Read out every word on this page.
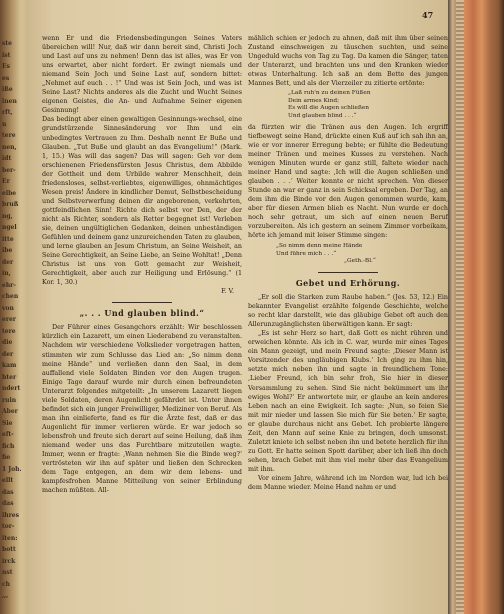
ste
ist
Es
es
iße
inen
rft,
n
tere
nen,
idt
ber-
Er
elbe
bruß
ng,
ngel
itte
ibe
der
in,
ehr-
chen
von
erer
tere
die
der
kam
hter
ndert
ruin
Aber
Sie
eft-
fich
fie
1 Joh.
ellt
das
das
ihres
tor-
iten:
bott
irck
nst
ch
,,,
47

wenn Er und die Friedensbedingungen Seines Vaters übereichen will! Nur, daß wir dann bereit sind, Christi Joch und Last auf uns zu nehmen! Denn das ist alles, was Er von uns erwartet, aber nicht fordert. Er zwingt niemals und niemand Sein Joch und Seine Last auf, sondern bittet: „Nehmet auf euch . . !“ Und was ist Sein Joch, und was ist Seine Last? Nichts anderes als die Zucht und Wucht Seines eigenen Geistes, die An- und Aufnahme Seiner eigenen Gesinnung!

Das bedingt aber einen gewaltigen Gesinnungs-wechsel, eine grundstürzende Sinnesänderung vor Ihm und ein unbedingtes Vertrauen zu Ihm. Deshalb nennt Er Buße und Glauben. „Tut Buße und glaubt an das Evangelium!“ (Mark. 1, 15.) Was will das sagen? Das will sagen: Geh vor dem erschienenen Friedensfürsten Jesus Christus, dem Abbilde der Gottheit und dem Urbilde wahrer Menschheit, dein friedensloses, selbst-verliebtes, eigenwilliges, ohnmächtiges Wesen preis! Ändere in kindlicher Demut, Selbstbescheidung und Selbstverwerfung deinen dir angeborenen, verkehrten, gottfeindlichen Sinn! Richte dich selbst vor Den, der der nicht als Richter, sondern als Retter begegnet ist! Verleben sie, deinen ungültiglichen Gedanken, deinen unbeständigen Gefühlen und deinem ganz unzureichenden Taten zu glauben, und lerne glauben an Jesum Christum, an Seine Weisheit, an Seine Gerechtigkeit, an Seine Liebe, an Seine Wohltat! „Denn Christus ist uns von Gott gemacht zur Weisheit, Gerechtigkeit, aber auch zur Heiligung und Erlösung.“ (1 Kor. 1, 30.)

F. V.

„. . . Und glauben blind.“

Der Führer eines Gesangchors erzählt: Wir beschlossen kürzlich ein Lazarett, um einen Liederabend zu veranstalten. Nachdem wir verschiedene Volkslieder vorgetragen hatten, stimmten wir zum Schlusse das Lied an: „So nimm denn meine Hände“ und verließen dann den Saal, in dem auffallend viele Soldaten Binden vor den Augen trugen. Einige Tage darauf wurde mir durch einen befreundeten Unterarzt folgendes mitgeteilt: „In unserem Lazarett liegen viele Soldaten, deren Augenlicht gefährdet ist. Unter ihnen befindet sich ein junger Freiwilliger, Mediziner von Beruf. Als man ihn einlieferte, fand es für die Ärzte fest, daß er das Augenlicht für immer verlieren würde. Er war jedoch so lebensfroh und freute sich derart auf seine Heilung, daß ihm niemand weder uns das Furchtbare mitzuteilen wagte. Immer, wenn er fragte: ‚Wann nehmen Sie die Binde weg?‘ vertrösteten wir ihn auf später und ließen den Schrecken dem Tage entgegen, an dem wir dem lebens- und kampfesfrohen Manne Mitteilung von seiner Erblindung machen müßten. All-

mählich schien er jedoch zu ahnen, daß mit ihm über seinen Zustand einschweigen zu täuschen suchten, und seine Ungeduld wuchs von Tag zu Tag. Da kamen die Sänger, taten der Unterarzt, und brachten uns und den Kranken wieder etwas Unterhaltung. Ich saß an dem Bette des jungen Mannes Bett, und als der Vierzeiler zu zitierte ertönte:

„Laß ruh'n zu deinen Füßen
Dein armes Kind;
Es will die Augen schließen
Und glauben blind . . .“

da fürzten wir die Tränen aus den Augen. Ich ergriff tiefbewegt seine Hand, drückte einen Kuß auf ich sah ihn an, wie er vor innerer Erregung bebte; er fühlte die Bedeutung meiner Tränen und meines Kusses zu verstehen. Nach wenigen Minuten wurde er ganz still, faltete wieder nach meiner Hand und sagte: ‚Ich will die Augen schließen und glauben . . .‘ Weiter konnte er nicht sprechen. Von dieser Stunde an war er ganz in sein Schicksal ergeben. Der Tag, an dem ihm die Binde vor den Augen genommen wurde, kam, aber für diesen Armen blieb es Nacht. Nun wurde er doch noch sehr getraut, um sich auf einen neuen Beruf vorzubereiten. Als ich gestern an seinem Zimmer vorbeikam, hörte ich jemand mit leiser Stimme singen:

„So nimm denn meine Hände
Und führe mich . . .“
„Geth.-Bl.“
Gebet und Erhörung.

„Er soll die Starken zum Raube haben.“ (Jes. 53, 12.) Ein bekannter Evangelist erzählte folgende Geschichte, welche so recht klar darstellt, wie das gläubige Gebet oft auch den Allerunzugänglichsten überwältigen kann. Er sagt:

„Es ist sehr Herz so hart, daß Gott es nicht rühren und erweichen könnte. Als ich in C. war, wurde mir eines Tages ein Mann gezeigt, und mein Freund sagte: ‚Dieser Mann ist Vorsitzender des ungläubigen Klubs.‘ Ich ging zu ihm hin, setzte mich neben ihn und sagte in freundlichem Tone: ‚Lieber Freund, ich bin sehr froh, Sie hier in dieser Versammlung zu sehen. Sind Sie nicht bekümmert um ihr ewiges Wohl?‘ Er antwortete mir, er glaube an kein anderes Leben nach an eine Ewigkeit. Ich sagte: ‚Nun, so feien Sie mit mir nieder und lassen Sie mich für Sie beten.‘ Er sagte, er glaube durchaus nicht ans Gebet. Ich probierte längere Zeit, den Mann auf seine Knie zu bringen, doch umsonst. Zuletzt kniete ich selbst neben ihn und betete herzlich für ihn zu Gott. Er hatte seinen Spott darüber, aber ich ließ ihn doch sehen, brach Gebet mit ihm viel mehr über das Evangelium mit ihm.

Vor einem Jahre, während ich im Norden war, lud ich bei dem Manne wieder. Meine Hand nahm er und
